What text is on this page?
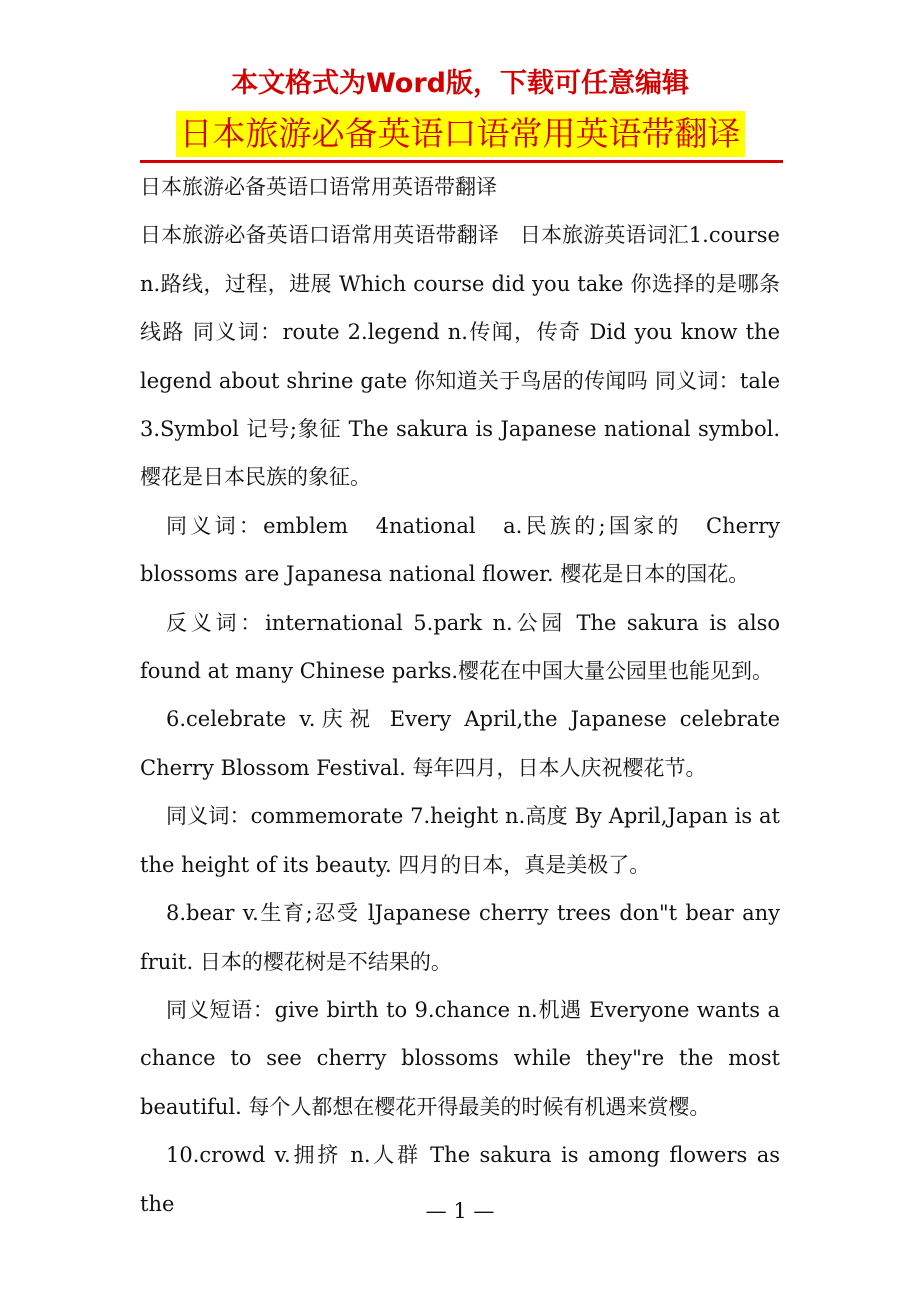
本文格式为Word版，下载可任意编辑

日本旅游必备英语口语常用英语带翻译

日本旅游必备英语口语常用英语带翻译

日本旅游必备英语口语常用英语带翻译　日本旅游英语词汇1.course n.路线，过程，进展 Which course did you take 你选择的是哪条线路 同义词：route 2.legend n.传闻，传奇 Did you know the legend about shrine gate 你知道关于鸟居的传闻吗 同义词：tale 3.Symbol 记号;象征 The sakura is Japanese national symbol. 樱花是日本民族的象征。

同义词：emblem　4national　a.民族的;国家的　Cherry blossoms are Japanesa national flower. 樱花是日本的国花。

反义词：international 5.park n.公园 The sakura is also found at many Chinese parks.樱花在中国大量公园里也能见到。

6.celebrate v.庆祝 Every April,the Japanese celebrate Cherry Blossom Festival. 每年四月，日本人庆祝樱花节。

同义词：commemorate 7.height n.高度 By April,Japan is at the height of its beauty. 四月的日本，真是美极了。

8.bear v.生育;忍受 lJapanese cherry trees don"t bear any fruit. 日本的樱花树是不结果的。

同义短语：give birth to 9.chance n.机遇 Everyone wants a chance to see cherry blossoms while they"re the most beautiful. 每个人都想在樱花开得最美的时候有机遇来赏樱。

10.crowd v.拥挤 n.人群 The sakura is among flowers as the	— 1 —
